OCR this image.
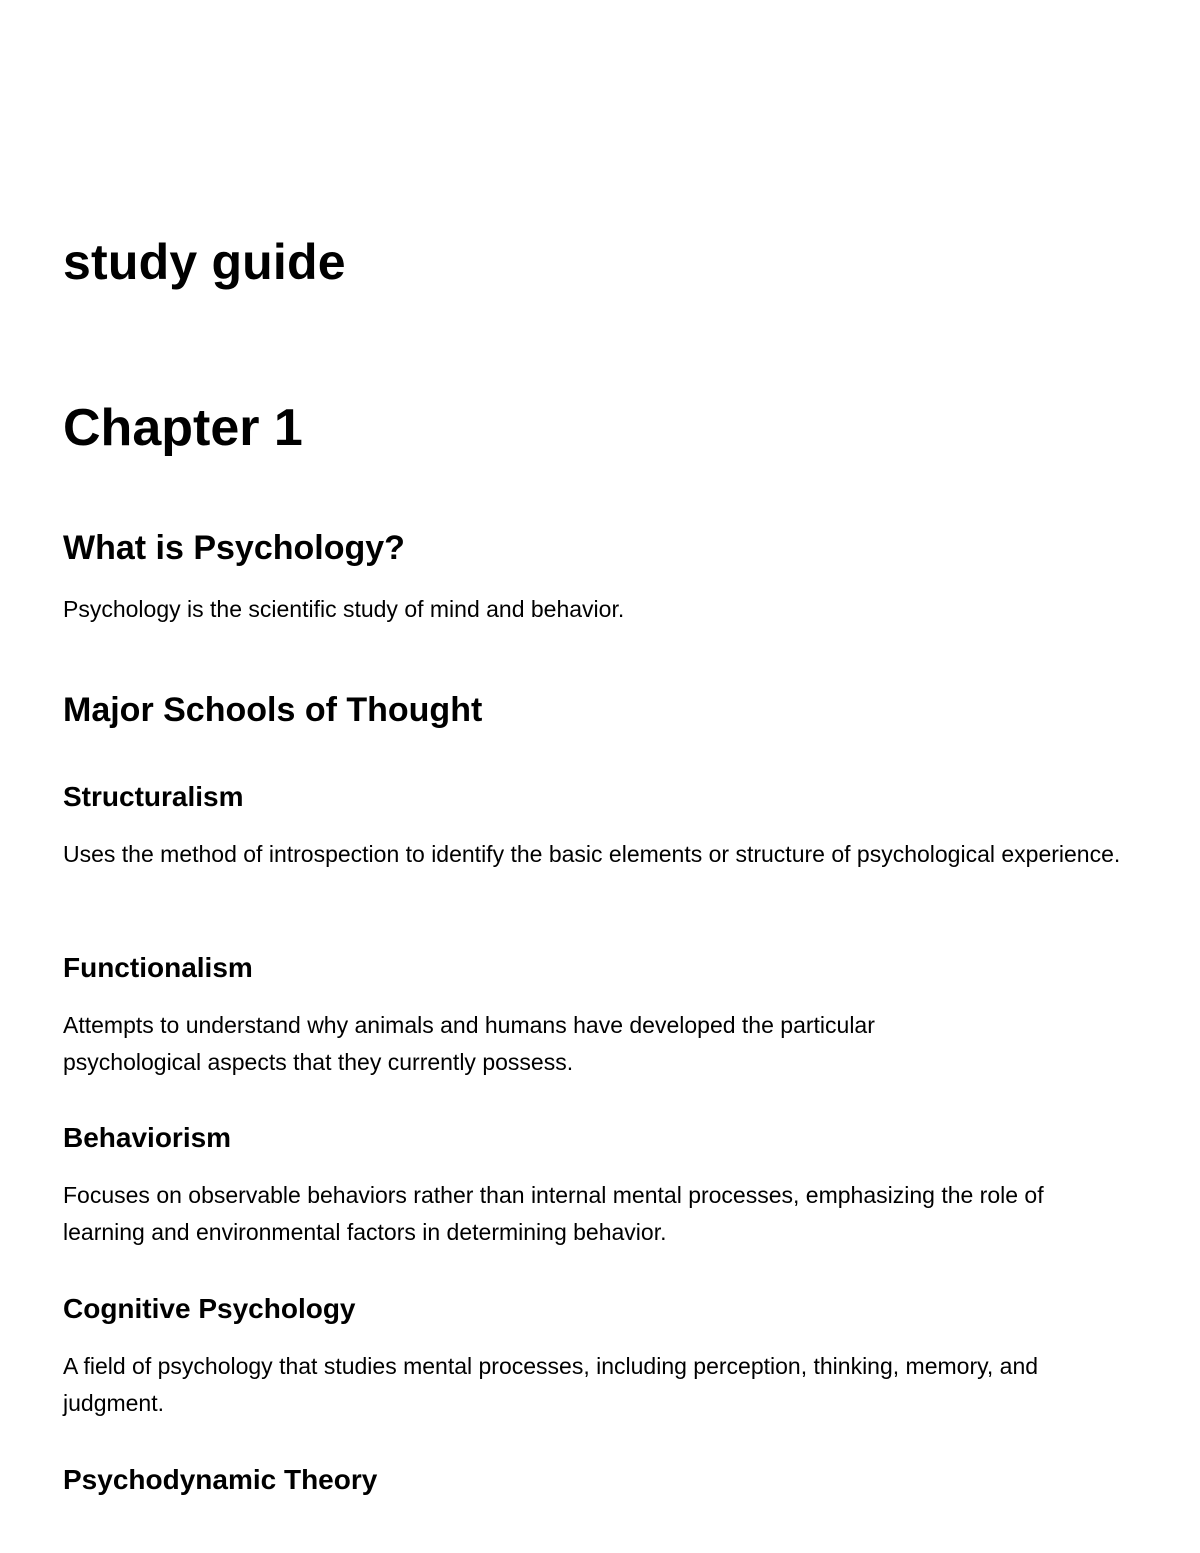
study guide
Chapter 1
What is Psychology?

Psychology is the scientific study of mind and behavior.

Major Schools of Thought
Structuralism

Uses the method of introspection to identify the basic elements or structure of psychological experience.

Functionalism

Attempts to understand why animals and humans have developed the particular psychological aspects that they currently possess.

Behaviorism

Focuses on observable behaviors rather than internal mental processes, emphasizing the role of learning and environmental factors in determining behavior.

Cognitive Psychology

A field of psychology that studies mental processes, including perception, thinking, memory, and judgment.

Psychodynamic Theory
